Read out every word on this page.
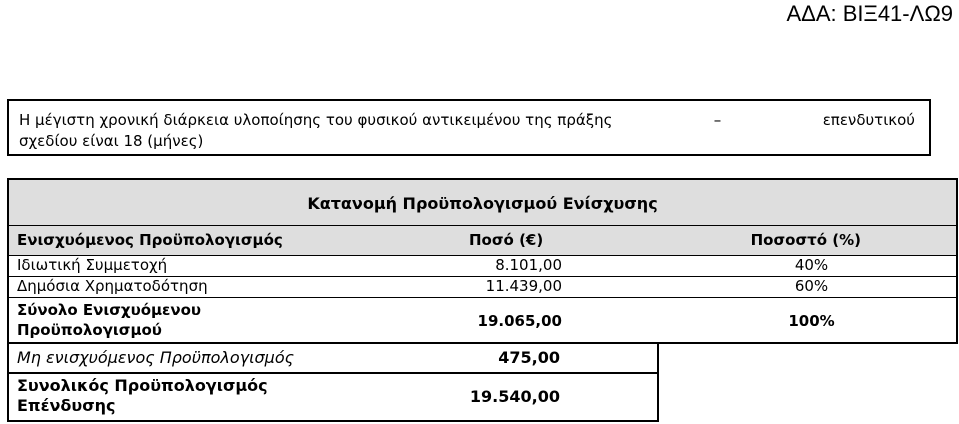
ΑΔΑ: ΒΙΞ41-ΛΩ9
Η μέγιστη χρονική διάρκεια υλοποίησης του φυσικού αντικειμένου της πράξης	–	επενδυτικού
σχεδίου είναι 18 (μήνες)
Κατανομή Προϋπολογισμού Ενίσχυσης
Ενισχυόμενος Προϋπολογισμός	Ποσό (€)	Ποσοστό (%)
Ιδιωτική Συμμετοχή	8.101,00	40%
Δημόσια Χρηματοδότηση	11.439,00	60%
Σύνολο Ενισχυόμενου
Προϋπολογισμού	19.065,00	100%
Μη ενισχυόμενος Προϋπολογισμός	475,00
Συνολικός Προϋπολογισμός
Επένδυσης	19.540,00
